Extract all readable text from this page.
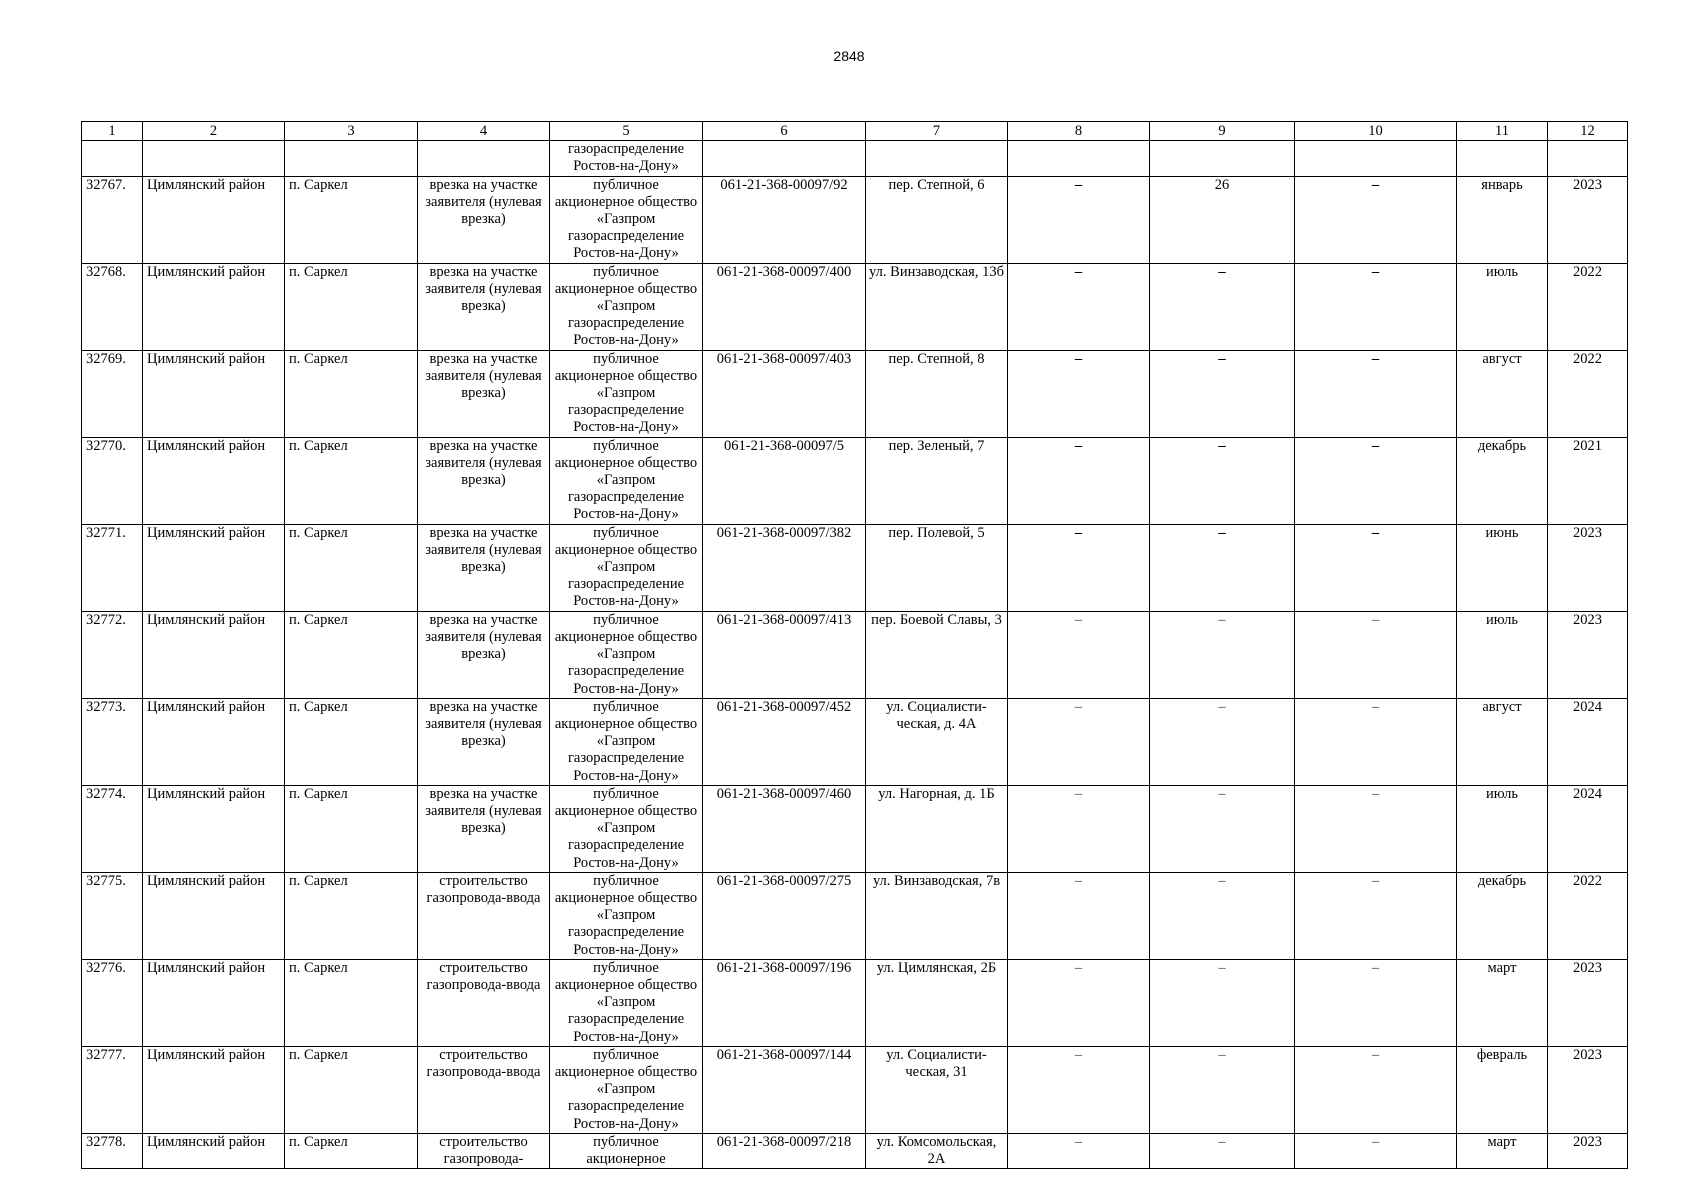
2848
1	2	3	4	5	6	7	8	9	10	11	12
				газораспределение Ростов-на-Дону»							
32767.	Цимлянский район	п. Саркел	врезка на участке заявителя (нулевая врезка)	публичное акционерное общество «Газпром газораспределение Ростов-на-Дону»	061-21-368-00097/92	пер. Степной, 6	–	26	–	январь	2023
32768.	Цимлянский район	п. Саркел	врезка на участке заявителя (нулевая врезка)	публичное акционерное общество «Газпром газораспределение Ростов-на-Дону»	061-21-368-00097/400	ул. Винзаводская, 13б	–	–	–	июль	2022
32769.	Цимлянский район	п. Саркел	врезка на участке заявителя (нулевая врезка)	публичное акционерное общество «Газпром газораспределение Ростов-на-Дону»	061-21-368-00097/403	пер. Степной, 8	–	–	–	август	2022
32770.	Цимлянский район	п. Саркел	врезка на участке заявителя (нулевая врезка)	публичное акционерное общество «Газпром газораспределение Ростов-на-Дону»	061-21-368-00097/5	пер. Зеленый, 7	–	–	–	декабрь	2021
32771.	Цимлянский район	п. Саркел	врезка на участке заявителя (нулевая врезка)	публичное акционерное общество «Газпром газораспределение Ростов-на-Дону»	061-21-368-00097/382	пер. Полевой, 5	–	–	–	июнь	2023
32772.	Цимлянский район	п. Саркел	врезка на участке заявителя (нулевая врезка)	публичное акционерное общество «Газпром газораспределение Ростов-на-Дону»	061-21-368-00097/413	пер. Боевой Славы, 3	–	–	–	июль	2023
32773.	Цимлянский район	п. Саркел	врезка на участке заявителя (нулевая врезка)	публичное акционерное общество «Газпром газораспределение Ростов-на-Дону»	061-21-368-00097/452	ул. Социалисти-ческая, д. 4А	–	–	–	август	2024
32774.	Цимлянский район	п. Саркел	врезка на участке заявителя (нулевая врезка)	публичное акционерное общество «Газпром газораспределение Ростов-на-Дону»	061-21-368-00097/460	ул. Нагорная, д. 1Б	–	–	–	июль	2024
32775.	Цимлянский район	п. Саркел	строительство газопровода-ввода	публичное акционерное общество «Газпром газораспределение Ростов-на-Дону»	061-21-368-00097/275	ул. Винзаводская, 7в	–	–	–	декабрь	2022
32776.	Цимлянский район	п. Саркел	строительство газопровода-ввода	публичное акционерное общество «Газпром газораспределение Ростов-на-Дону»	061-21-368-00097/196	ул. Цимлянская, 2Б	–	–	–	март	2023
32777.	Цимлянский район	п. Саркел	строительство газопровода-ввода	публичное акционерное общество «Газпром газораспределение Ростов-на-Дону»	061-21-368-00097/144	ул. Социалисти-ческая, 31	–	–	–	февраль	2023
32778.	Цимлянский район	п. Саркел	строительство газопровода-	публичное акционерное	061-21-368-00097/218	ул. Комсомольская, 2А	–	–	–	март	2023
